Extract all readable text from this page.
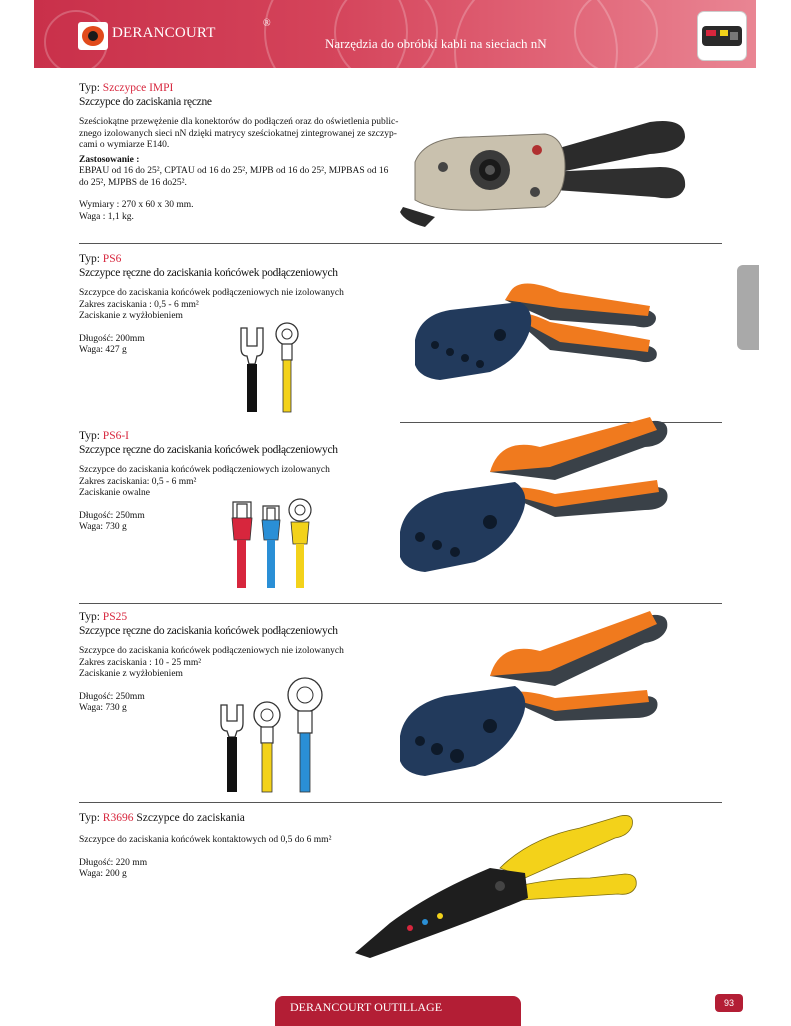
DERANCOURT
®
Narzędzia do obróbki kabli na sieciach nN
Typ: Szczypce IMPI
Szczypce do zaciskania ręczne
Sześciokątne przewężenie dla konektorów do podłączeń oraz do oświetlenia public-
znego izolowanych sieci nN dzięki matrycy sześciokatnej zintegrowanej ze szczyp-
cami o wymiarze E140.
Zastosowanie :
EBPAU od 16 do 25², CPTAU od 16 do 25², MJPB od 16 do 25², MJPBAS od 16
do 25², MJPBS de 16 do25².
Wymiary : 270 x 60 x 30 mm.
Waga : 1,1 kg.
Typ: PS6
Szczypce ręczne do zaciskania końcówek podłączeniowych
Szczypce do zaciskania końcówek podłączeniowych nie izolowanych
Zakres zaciskania : 0,5 - 6 mm²
Zaciskanie z wyżłobieniem
Długość: 200mm
Waga: 427 g
Typ: PS6-I
Szczypce ręczne do zaciskania końcówek podłączeniowych
Szczypce do zaciskania końcówek podłączeniowych izolowanych
Zakres zaciskania: 0,5 - 6 mm²
Zaciskanie owalne
Długość: 250mm
Waga: 730 g
Typ: PS25
Szczypce ręczne do zaciskania końcówek podłączeniowych
Szczypce do zaciskania końcówek podłączeniowych nie izolowanych
Zakres zaciskania : 10 - 25 mm²
Zaciskanie z wyżłobieniem
Długość: 250mm
Waga: 730 g
Typ: R3696 Szczypce do zaciskania
Szczypce do zaciskania końcówek kontaktowych od 0,5 do 6 mm²
Długość: 220 mm
Waga: 200 g
DERANCOURT OUTILLAGE	93
